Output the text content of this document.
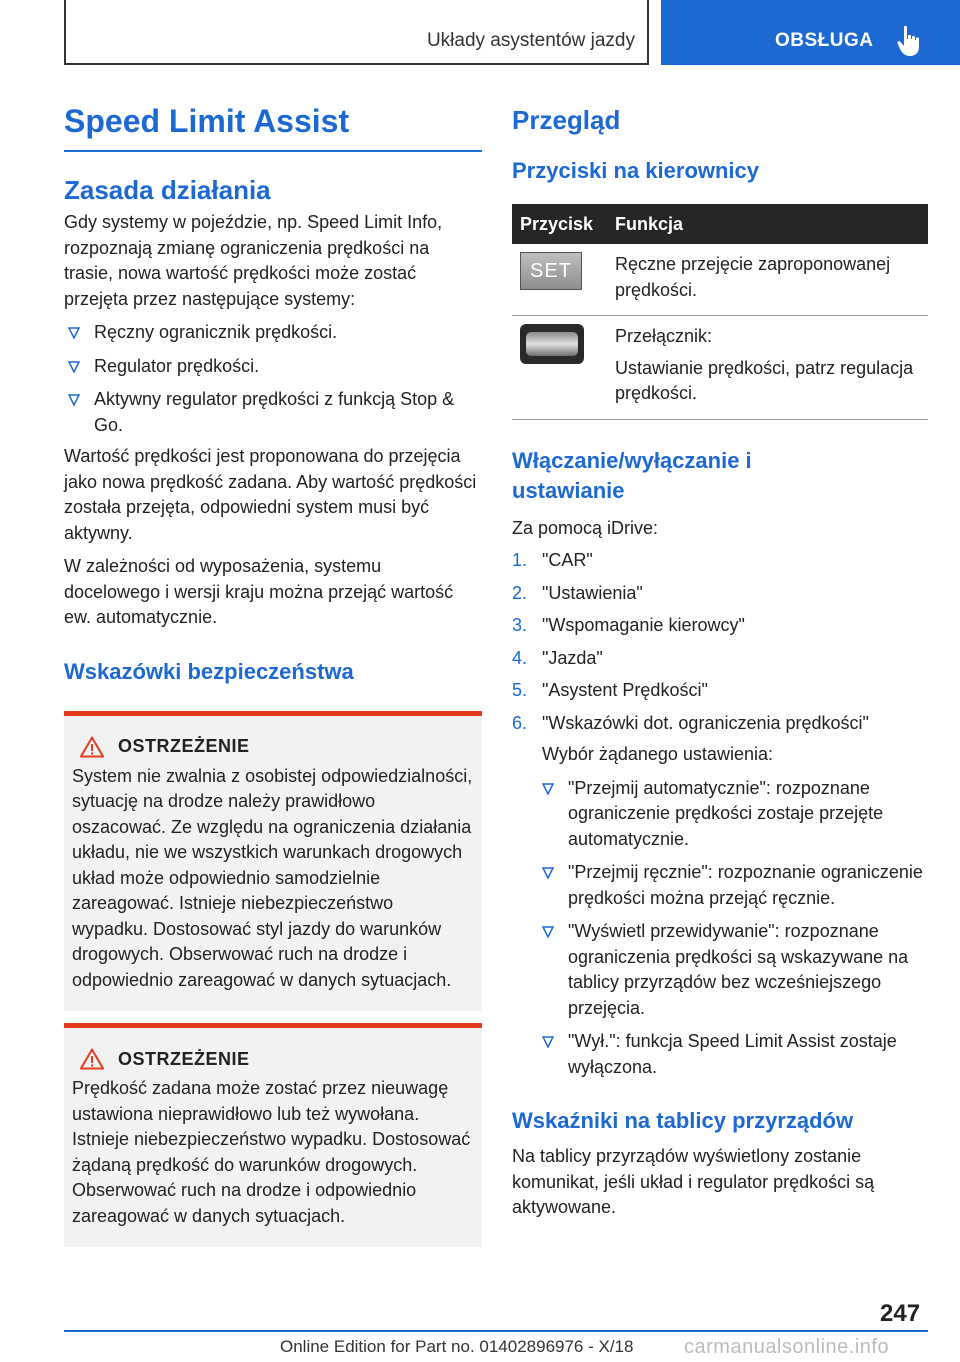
Układy asystentów jazdy	OBSŁUGA
Speed Limit Assist
Zasada działania
Gdy systemy w pojeździe, np. Speed Limit Info, rozpoznają zmianę ograniczenia prędkości na trasie, nowa wartość prędkości może zostać przejęta przez następujące systemy:
Ręczny ogranicznik prędkości.
Regulator prędkości.
Aktywny regulator prędkości z funkcją Stop & Go.
Wartość prędkości jest proponowana do przejęcia jako nowa prędkość zadana. Aby wartość prędkości została przejęta, odpowiedni system musi być aktywny.
W zależności od wyposażenia, systemu docelowego i wersji kraju można przejąć wartość ew. automatycznie.
Wskazówki bezpieczeństwa
OSTRZEŻENIE
System nie zwalnia z osobistej odpowiedzialności, sytuację na drodze należy prawidłowo oszacować. Ze względu na ograniczenia działania układu, nie we wszystkich warunkach drogowych układ może odpowiednio samodzielnie zareagować. Istnieje niebezpieczeństwo wypadku. Dostosować styl jazdy do warunków drogowych. Obserwować ruch na drodze i odpowiednio zareagować w danych sytuacjach.
OSTRZEŻENIE
Prędkość zadana może zostać przez nieuwagę ustawiona nieprawidłowo lub też wywołana. Istnieje niebezpieczeństwo wypadku. Dostosować żądaną prędkość do warunków drogowych. Obserwować ruch na drodze i odpowiednio zareagować w danych sytuacjach.
Przegląd
Przyciski na kierownicy
Przycisk	Funkcja

SET	Ręczne przejęcie zaproponowanej prędkości.

	Przełącznik:
Ustawianie prędkości, patrz regulacja prędkości.
Włączanie/wyłączanie i ustawianie
Za pomocą iDrive:
1. "CAR"
2. "Ustawienia"
3. "Wspomaganie kierowcy"
4. "Jazda"
5. "Asystent Prędkości"
6. "Wskazówki dot. ograniczenia prędkości"
Wybór żądanego ustawienia:
"Przejmij automatycznie": rozpoznane ograniczenie prędkości zostaje przejęte automatycznie.
"Przejmij ręcznie": rozpoznanie ograniczenie prędkości można przejąć ręcznie.
"Wyświetl przewidywanie": rozpoznane ograniczenia prędkości są wskazywane na tablicy przyrządów bez wcześniejszego przejęcia.
"Wył.": funkcja Speed Limit Assist zostaje wyłączona.
Wskaźniki na tablicy przyrządów
Na tablicy przyrządów wyświetlony zostanie komunikat, jeśli układ i regulator prędkości są aktywowane.
247
Online Edition for Part no. 01402896976 - X/18	carmanualsonline.info
